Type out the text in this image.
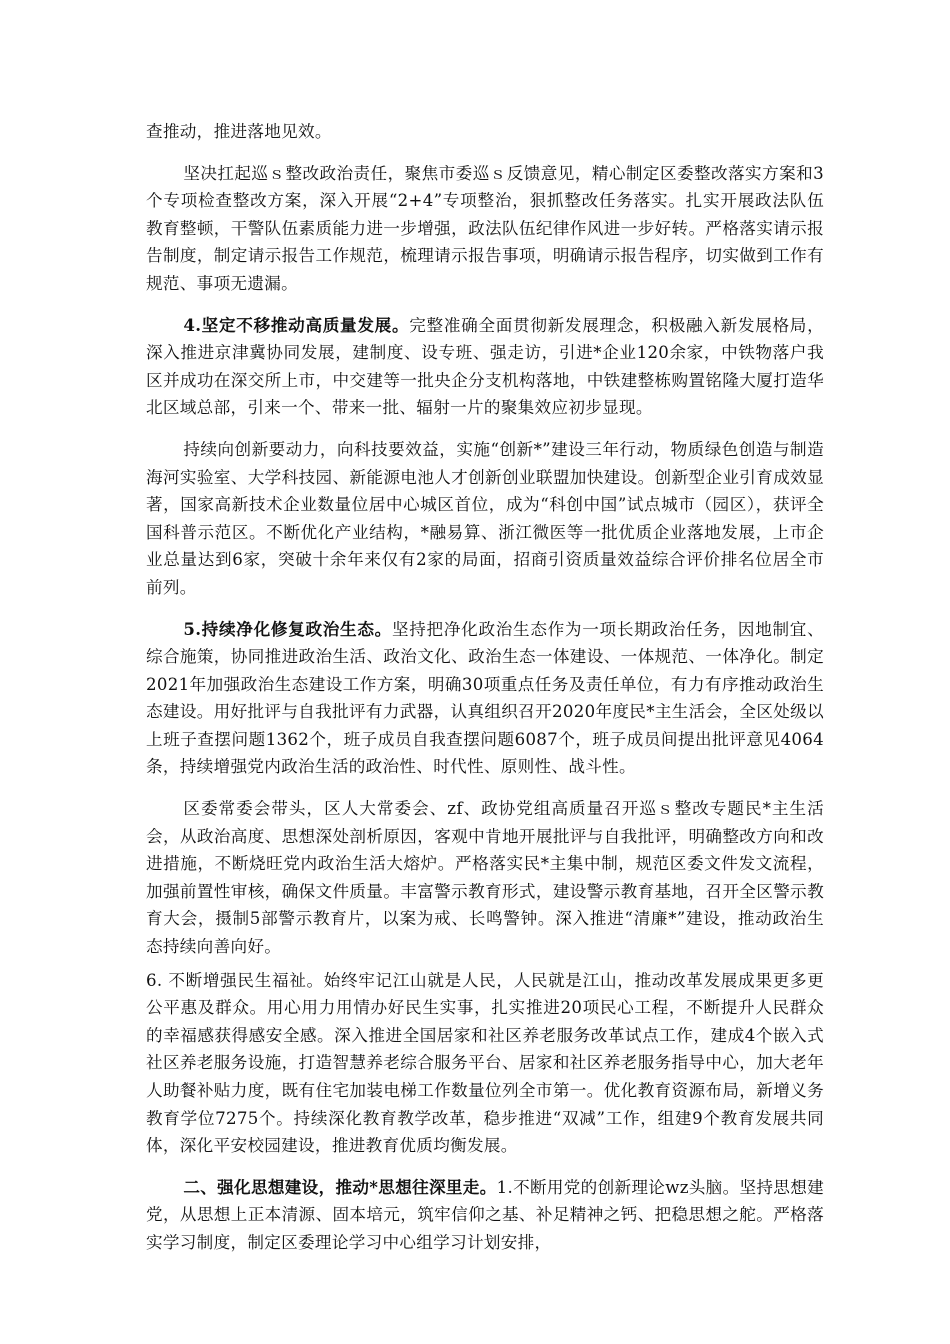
查推动，推进落地见效。

坚决扛起巡ｓ整改政治责任，聚焦市委巡ｓ反馈意见，精心制定区委整改落实方案和3个专项检查整改方案，深入开展“2+4”专项整治，狠抓整改任务落实。扎实开展政法队伍教育整顿，干警队伍素质能力进一步增强，政法队伍纪律作风进一步好转。严格落实请示报告制度，制定请示报告工作规范，梳理请示报告事项，明确请示报告程序，切实做到工作有规范、事项无遗漏。

4.坚定不移推动高质量发展。完整准确全面贯彻新发展理念，积极融入新发展格局，深入推进京津冀协同发展，建制度、设专班、强走访，引进*企业120余家，中铁物落户我区并成功在深交所上市，中交建等一批央企分支机构落地，中铁建整栋购置铭隆大厦打造华北区域总部，引来一个、带来一批、辐射一片的聚集效应初步显现。

持续向创新要动力，向科技要效益，实施“创新*”建设三年行动，物质绿色创造与制造海河实验室、大学科技园、新能源电池人才创新创业联盟加快建设。创新型企业引育成效显著，国家高新技术企业数量位居中心城区首位，成为“科创中国”试点城市（园区），获评全国科普示范区。不断优化产业结构，*融易算、浙江微医等一批优质企业落地发展，上市企业总量达到6家，突破十余年来仅有2家的局面，招商引资质量效益综合评价排名位居全市前列。

5.持续净化修复政治生态。坚持把净化政治生态作为一项长期政治任务，因地制宜、综合施策，协同推进政治生活、政治文化、政治生态一体建设、一体规范、一体净化。制定2021年加强政治生态建设工作方案，明确30项重点任务及责任单位，有力有序推动政治生态建设。用好批评与自我批评有力武器，认真组织召开2020年度民*主生活会，全区处级以上班子查摆问题1362个，班子成员自我查摆问题6087个，班子成员间提出批评意见4064条，持续增强党内政治生活的政治性、时代性、原则性、战斗性。

区委常委会带头，区人大常委会、zf、政协党组高质量召开巡ｓ整改专题民*主生活会，从政治高度、思想深处剖析原因，客观中肯地开展批评与自我批评，明确整改方向和改进措施，不断烧旺党内政治生活大熔炉。严格落实民*主集中制，规范区委文件发文流程，加强前置性审核，确保文件质量。丰富警示教育形式，建设警示教育基地，召开全区警示教育大会，摄制5部警示教育片，以案为戒、长鸣警钟。深入推进“清廉*”建设，推动政治生态持续向善向好。

6. 不断增强民生福祉。始终牢记江山就是人民，人民就是江山，推动改革发展成果更多更公平惠及群众。用心用力用情办好民生实事，扎实推进20项民心工程，不断提升人民群众的幸福感获得感安全感。深入推进全国居家和社区养老服务改革试点工作，建成4个嵌入式社区养老服务设施，打造智慧养老综合服务平台、居家和社区养老服务指导中心，加大老年人助餐补贴力度，既有住宅加装电梯工作数量位列全市第一。优化教育资源布局，新增义务教育学位7275个。持续深化教育教学改革，稳步推进“双减”工作，组建9个教育发展共同体，深化平安校园建设，推进教育优质均衡发展。

二、强化思想建设，推动*思想往深里走。1.不断用党的创新理论wz头脑。坚持思想建党，从思想上正本清源、固本培元，筑牢信仰之基、补足精神之钙、把稳思想之舵。严格落实学习制度，制定区委理论学习中心组学习计划安排，
